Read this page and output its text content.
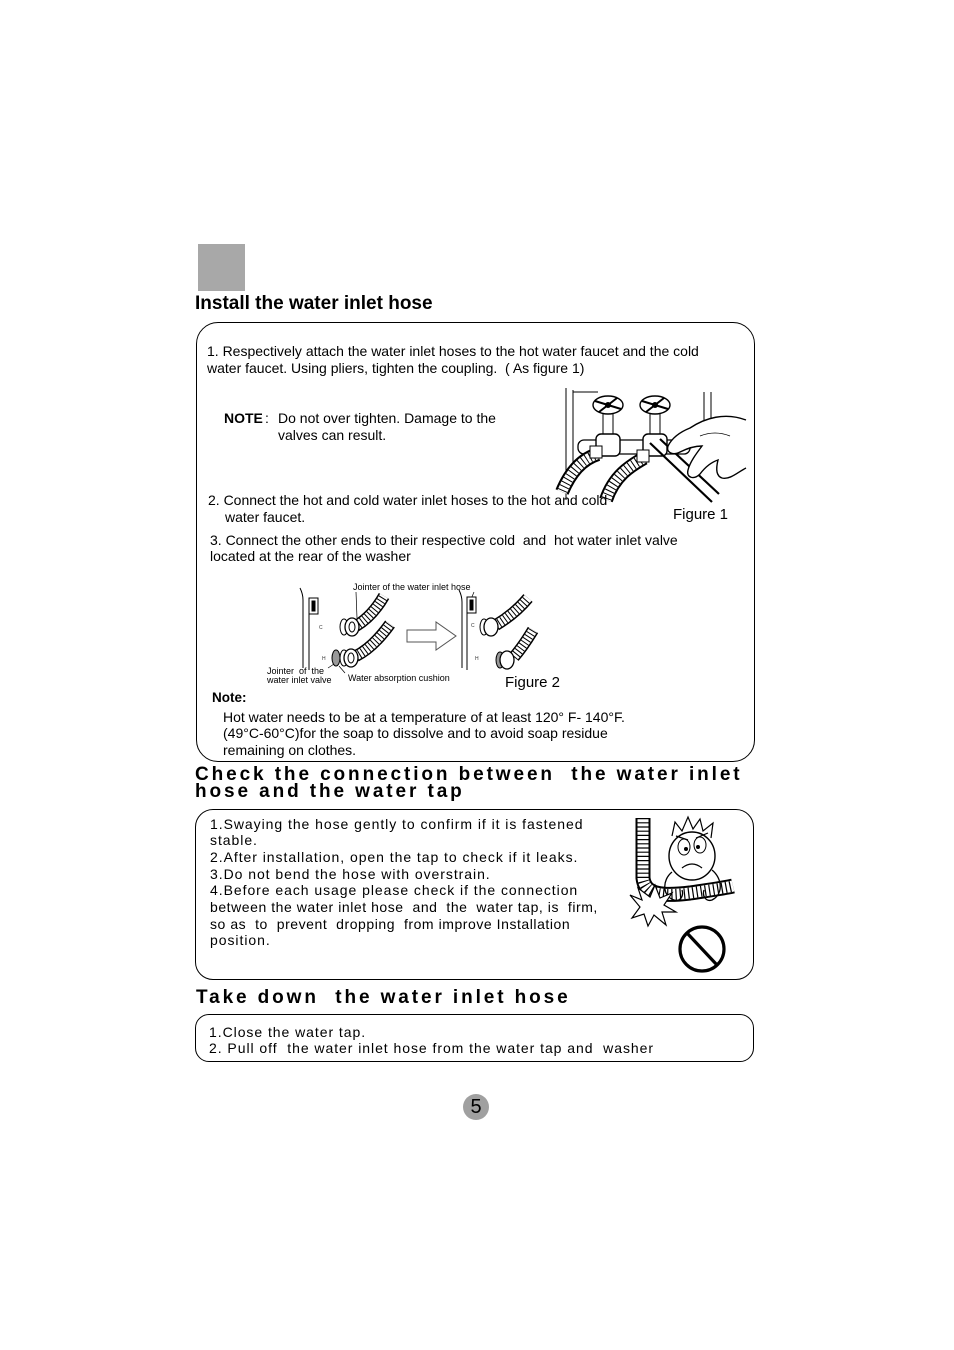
Install the water inlet hose
1. Respectively attach the water inlet hoses to the hot water faucet and the cold
water faucet. Using pliers, tighten the coupling.  ( As figure 1)
NOTE : Do not over tighten. Damage to the
valves can result.
2. Connect the hot and cold water inlet hoses to the hot and cold
water faucet.	Figure 1
3. Connect the other ends to their respective cold  and  hot water inlet valve
located at the rear of the washer
Jointer of the water inlet hose
C
H
C
H
Jointer  of  the
water inlet valve Water absorption cushion	Figure 2
Note:
Hot water needs to be at a temperature of at least 120° F- 140°F.
(49°C-60°C)for the soap to dissolve and to avoid soap residue
remaining on clothes.
Check the connection between  the water inlet
hose and the water tap
1.Swaying the hose gently to confirm if it is fastened
stable.
2.After installation, open the tap to check if it leaks.
3.Do not bend the hose with overstrain.
4.Before each usage please check if the connection
between the water inlet hose  and  the  water tap, is  firm,
so as  to  prevent  dropping  from improve Installation
position.
Take down  the water inlet hose
1.Close the water tap.
2. Pull off  the water inlet hose from the water tap and  washer
5
